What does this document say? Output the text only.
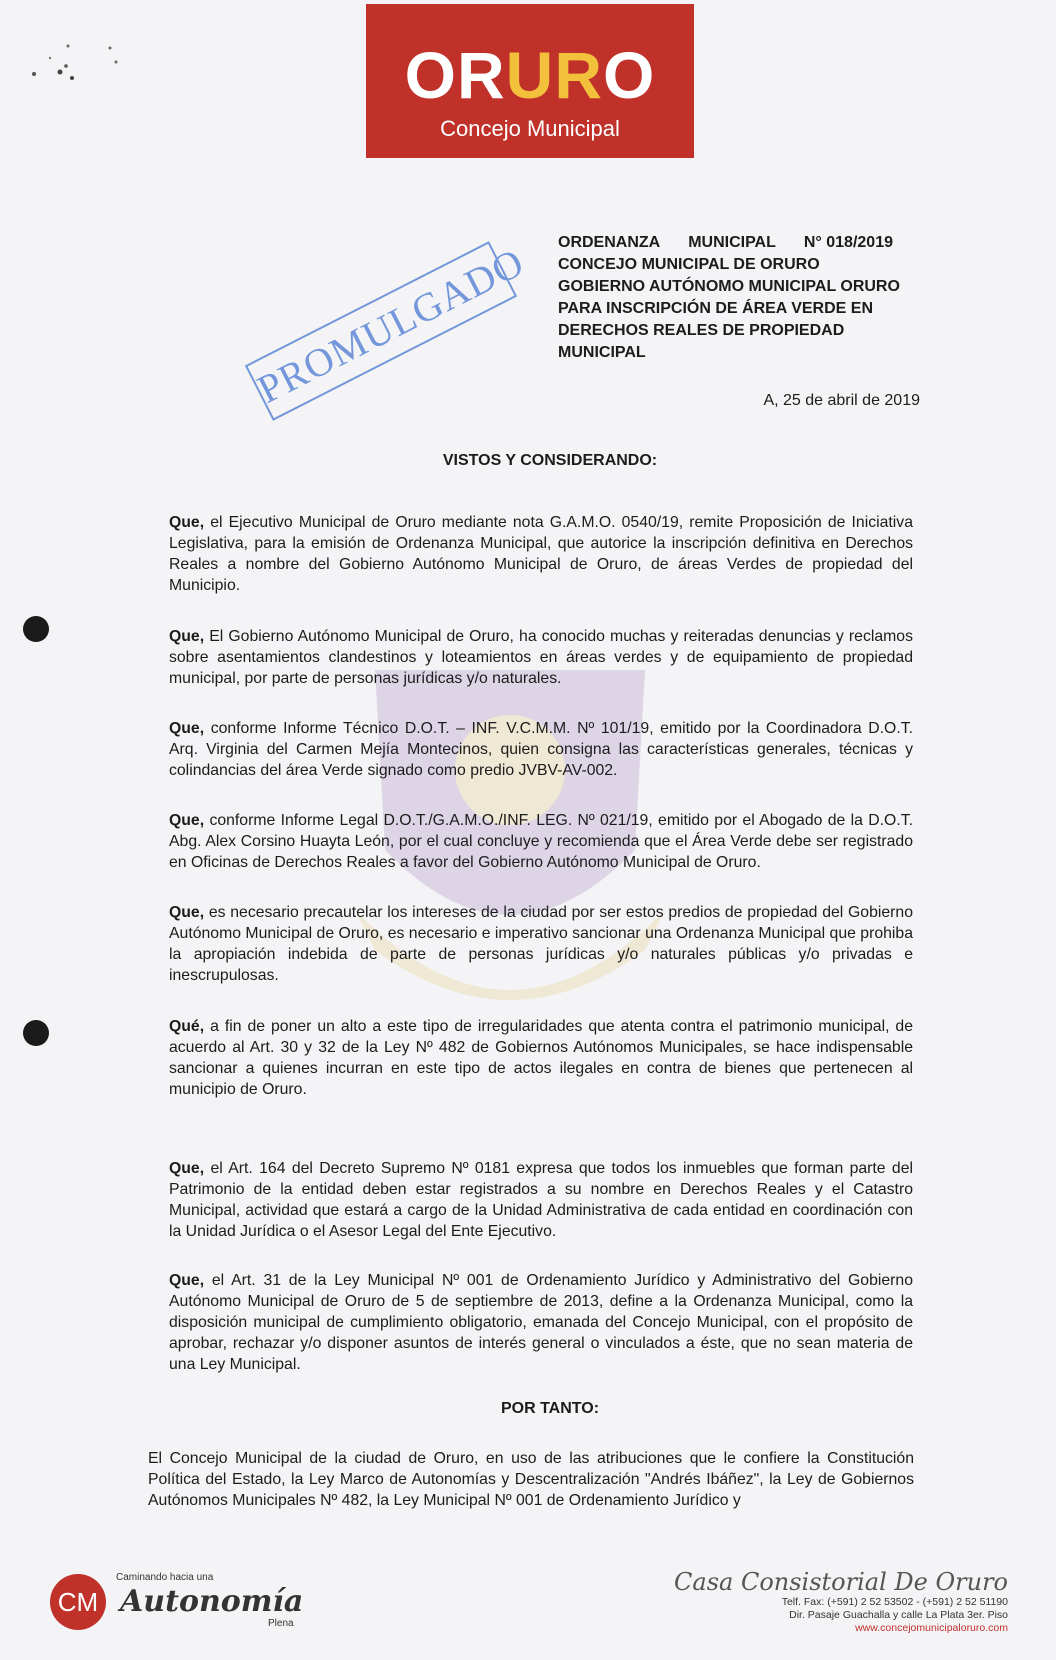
ORURO
Concejo Municipal
PROMULGADO ORDENANZA MUNICIPAL N° 018/2019
CONCEJO MUNICIPAL DE ORURO
GOBIERNO AUTÓNOMO MUNICIPAL ORURO
PARA INSCRIPCIÓN DE ÁREA VERDE EN
DERECHOS REALES DE PROPIEDAD
MUNICIPAL
A, 25 de abril de 2019
VISTOS Y CONSIDERANDO:
Que, el Ejecutivo Municipal de Oruro mediante nota G.A.M.O. 0540/19, remite Proposición de Iniciativa Legislativa, para la emisión de Ordenanza Municipal, que autorice la inscripción definitiva en Derechos Reales a nombre del Gobierno Autónomo Municipal de Oruro, de áreas Verdes de propiedad del Municipio.
Que, El Gobierno Autónomo Municipal de Oruro, ha conocido muchas y reiteradas denuncias y reclamos sobre asentamientos clandestinos y loteamientos en áreas verdes y de equipamiento de propiedad municipal, por parte de personas jurídicas y/o naturales.
Que, conforme Informe Técnico D.O.T. – INF. V.C.M.M. Nº 101/19, emitido por la Coordinadora D.O.T. Arq. Virginia del Carmen Mejía Montecinos, quien consigna las características generales, técnicas y colindancias del área Verde signado como predio JVBV-AV-002.
Que, conforme Informe Legal D.O.T./G.A.M.O./INF. LEG. Nº 021/19, emitido por el Abogado de la D.O.T. Abg. Alex Corsino Huayta León, por el cual concluye y recomienda que el Área Verde debe ser registrado en Oficinas de Derechos Reales a favor del Gobierno Autónomo Municipal de Oruro.
Que, es necesario precautelar los intereses de la ciudad por ser estos predios de propiedad del Gobierno Autónomo Municipal de Oruro, es necesario e imperativo sancionar una Ordenanza Municipal que prohiba la apropiación indebida de parte de personas jurídicas y/o naturales públicas y/o privadas e inescrupulosas.
Qué, a fin de poner un alto a este tipo de irregularidades que atenta contra el patrimonio municipal, de acuerdo al Art. 30 y 32 de la Ley Nº 482 de Gobiernos Autónomos Municipales, se hace indispensable sancionar a quienes incurran en este tipo de actos ilegales en contra de bienes que pertenecen al municipio de Oruro.
Que, el Art. 164 del Decreto Supremo Nº 0181 expresa que todos los inmuebles que forman parte del Patrimonio de la entidad deben estar registrados a su nombre en Derechos Reales y el Catastro Municipal, actividad que estará a cargo de la Unidad Administrativa de cada entidad en coordinación con la Unidad Jurídica o el Asesor Legal del Ente Ejecutivo.
Que, el Art. 31 de la Ley Municipal Nº 001 de Ordenamiento Jurídico y Administrativo del Gobierno Autónomo Municipal de Oruro de 5 de septiembre de 2013, define a la Ordenanza Municipal, como la disposición municipal de cumplimiento obligatorio, emanada del Concejo Municipal, con el propósito de aprobar, rechazar y/o disponer asuntos de interés general o vinculados a éste, que no sean materia de una Ley Municipal.
POR TANTO:
El Concejo Municipal de la ciudad de Oruro, en uso de las atribuciones que le confiere la Constitución Política del Estado, la Ley Marco de Autonomías y Descentralización "Andrés Ibáñez", la Ley de Gobiernos Autónomos Municipales Nº 482, la Ley Municipal Nº 001 de Ordenamiento Jurídico y
CM
Caminando hacia una
Autonomía
Plena
Casa Consistorial De Oruro
Telf. Fax: (+591) 2 52 53502 - (+591) 2 52 51190
Dir. Pasaje Guachalla y calle La Plata 3er. Piso
www.concejomunicipaloruro.com
